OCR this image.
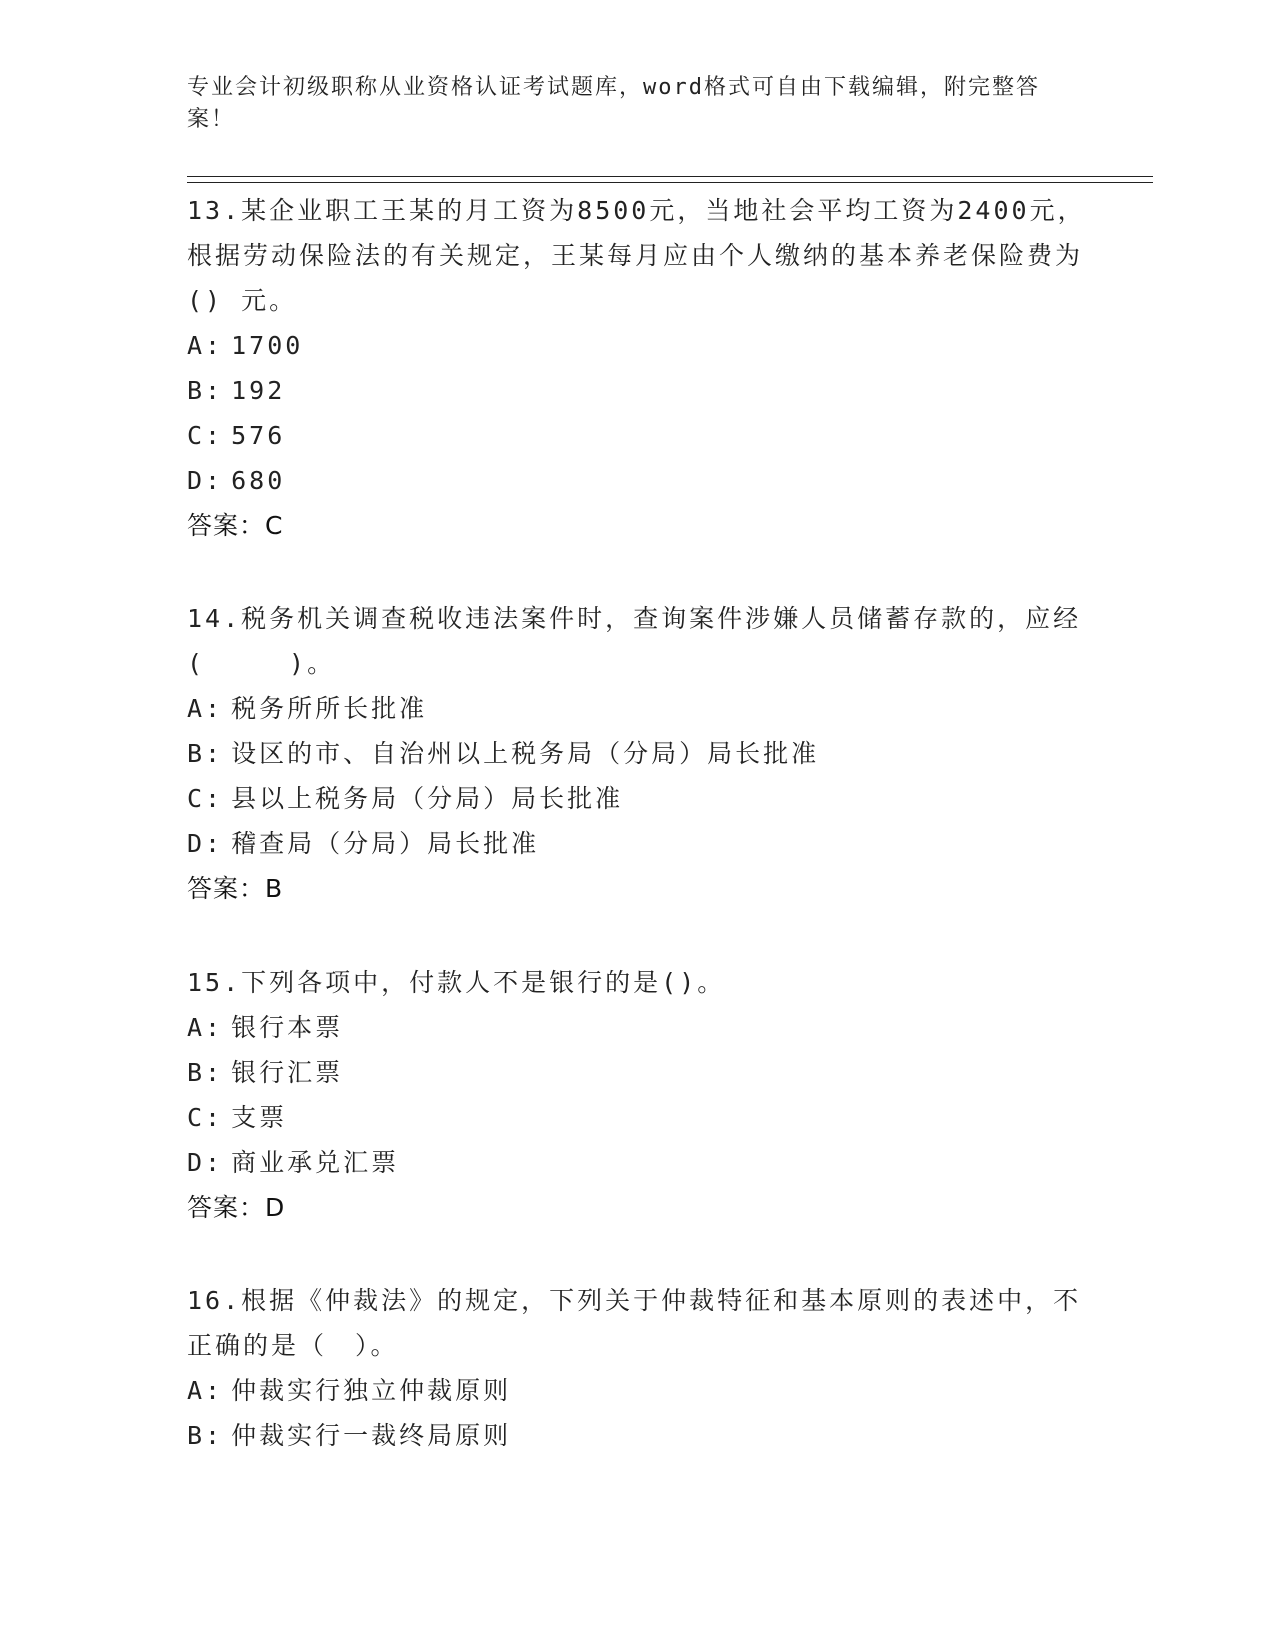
专业会计初级职称从业资格认证考试题库，word格式可自由下载编辑，附完整答案！
13.某企业职工王某的月工资为8500元，当地社会平均工资为2400元，根据劳动保险法的有关规定，王某每月应由个人缴纳的基本养老保险费为() 元。
A: 1700
B: 192
C: 576
D: 680
答案：C
14.税务机关调查税收违法案件时，查询案件涉嫌人员储蓄存款的，应经(　　　)。
A: 税务所所长批准
B: 设区的市、自治州以上税务局（分局）局长批准
C: 县以上税务局（分局）局长批准
D: 稽查局（分局）局长批准
答案：B
15.下列各项中，付款人不是银行的是()。
A: 银行本票
B: 银行汇票
C: 支票
D: 商业承兑汇票
答案：D
16.根据《仲裁法》的规定，下列关于仲裁特征和基本原则的表述中，不正确的是（　）。
A: 仲裁实行独立仲裁原则
B: 仲裁实行一裁终局原则
